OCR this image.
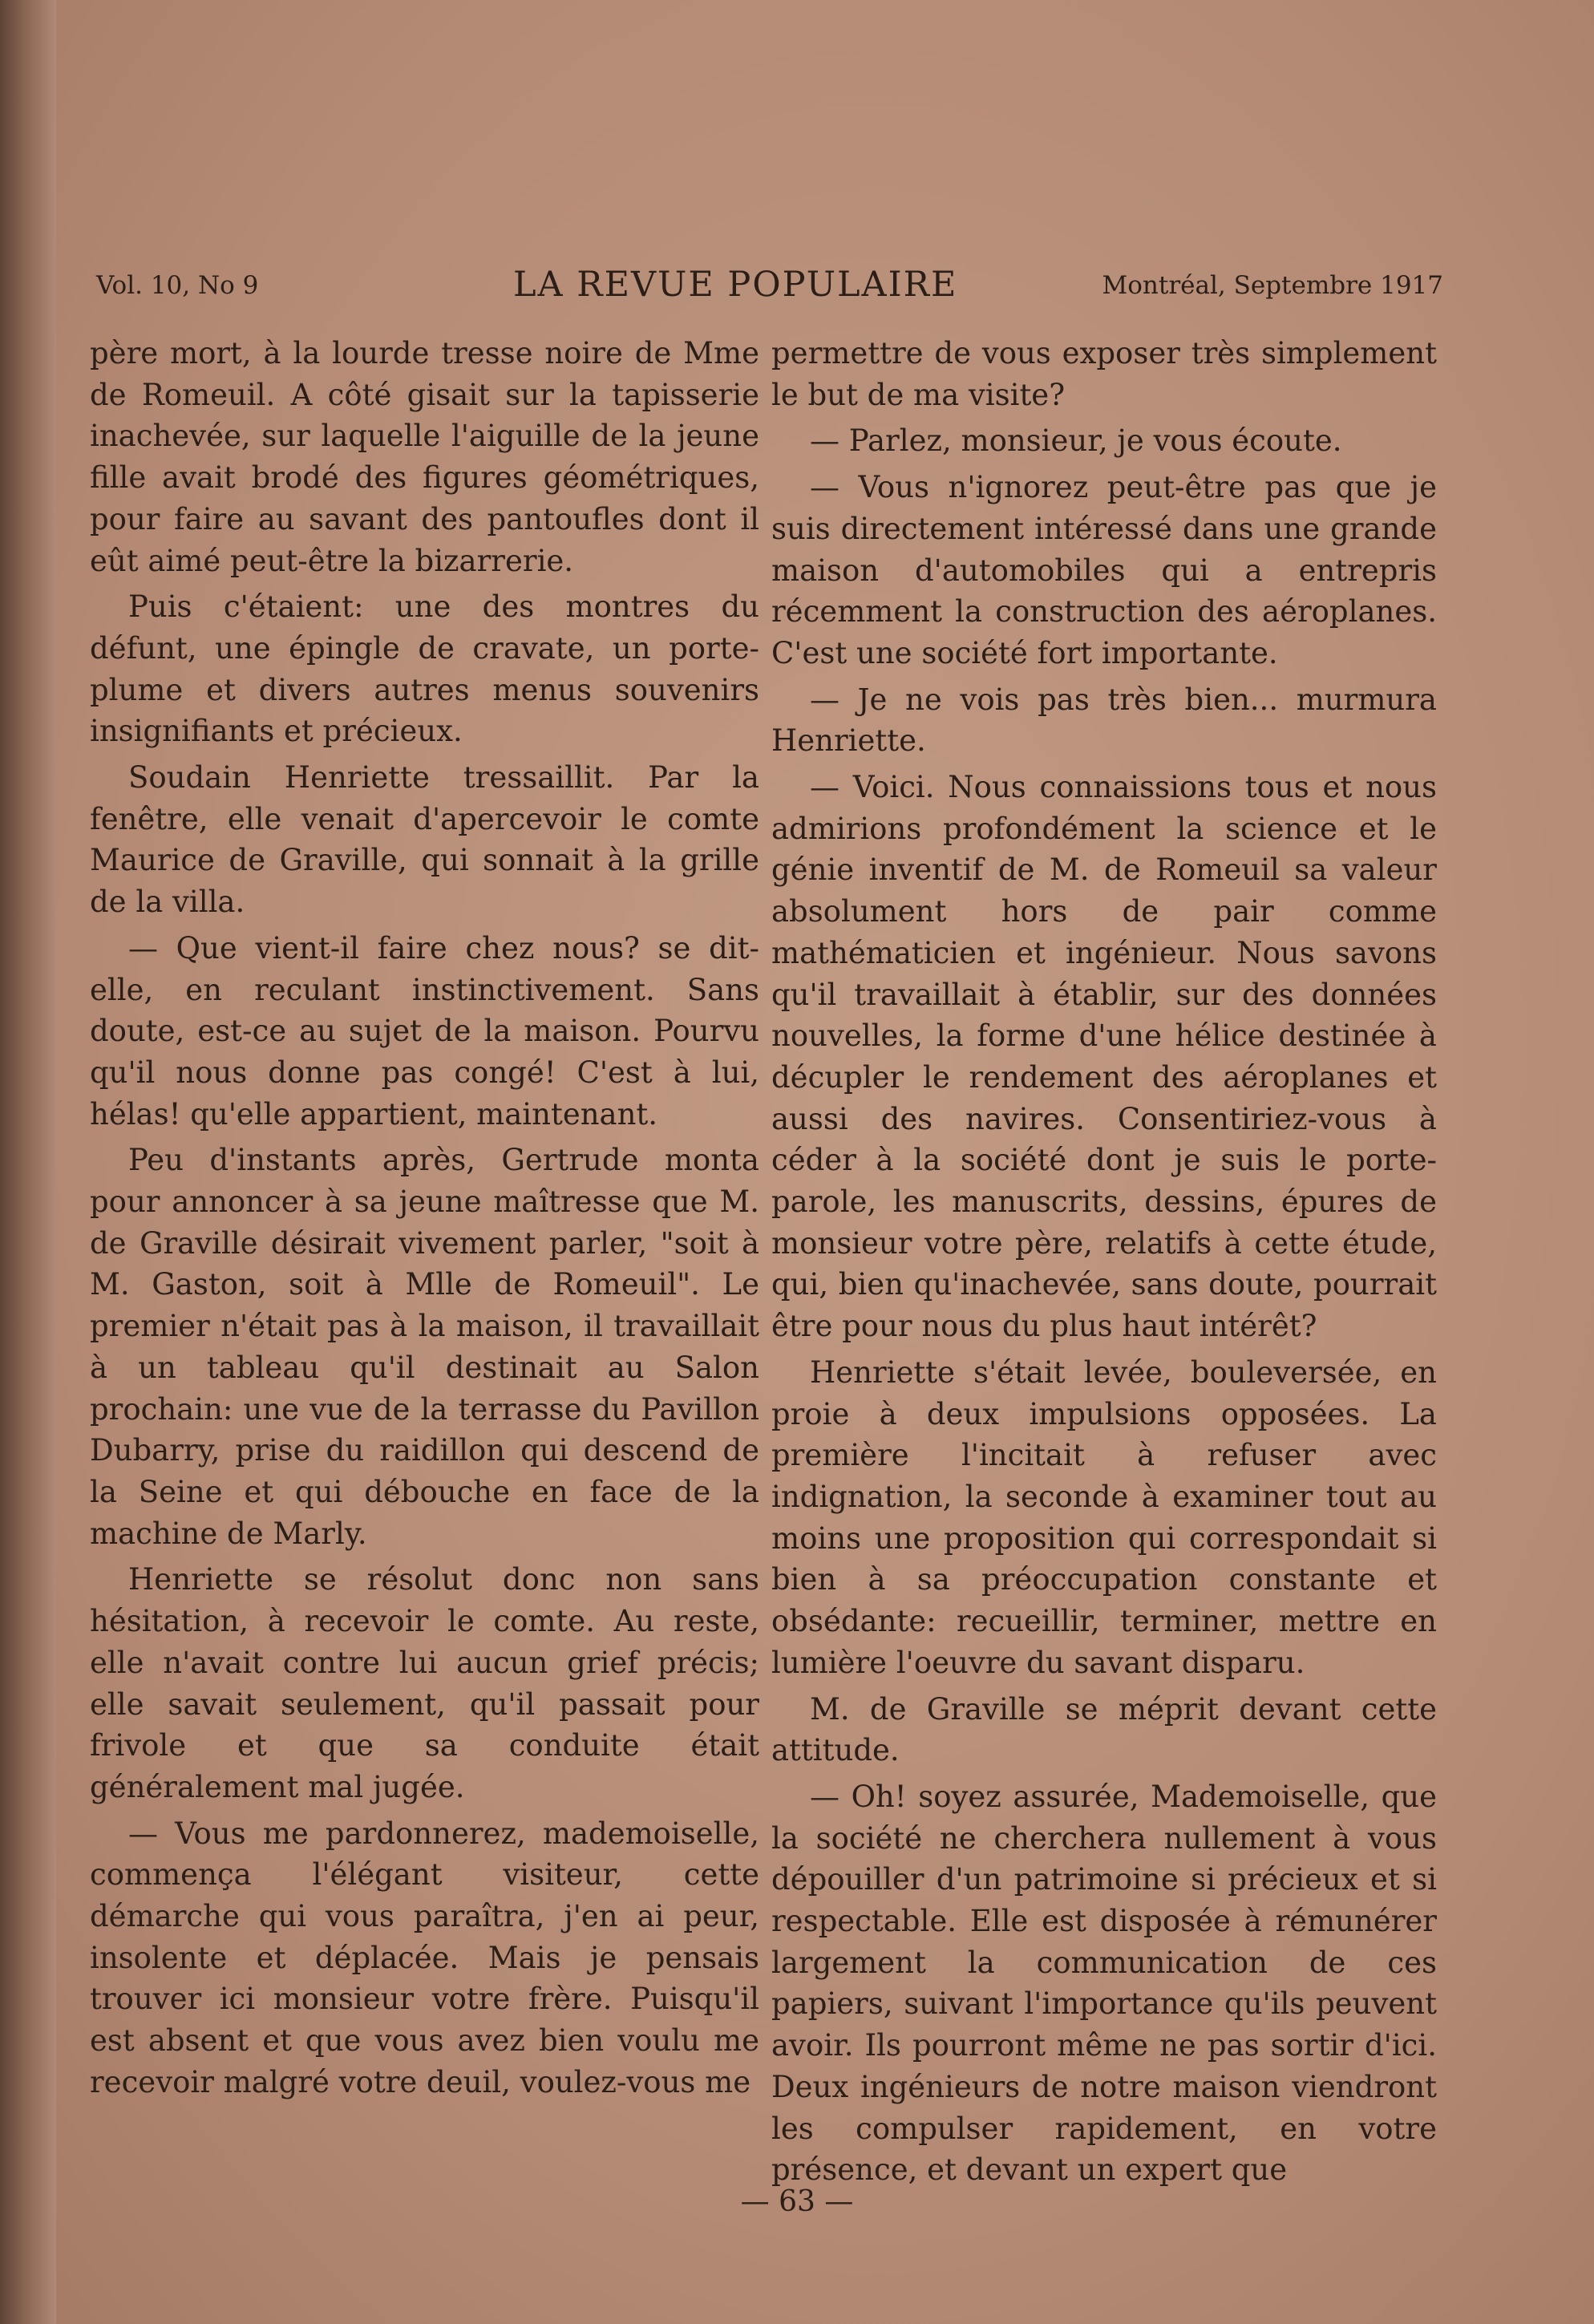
Vol. 10, No 9	LA REVUE POPULAIRE	Montréal, Septembre 1917

père mort, à la lourde tresse noire de Mme de Romeuil. A côté gisait sur la tapisserie inachevée, sur laquelle l'aiguille de la jeune fille avait brodé des figures géométriques, pour faire au savant des pantoufles dont il eût aimé peut-être la bizarrerie.

Puis c'étaient: une des montres du défunt, une épingle de cravate, un porte-plume et divers autres menus souvenirs insignifiants et précieux.

Soudain Henriette tressaillit. Par la fenêtre, elle venait d'apercevoir le comte Maurice de Graville, qui sonnait à la grille de la villa.

— Que vient-il faire chez nous? se dit-elle, en reculant instinctivement. Sans doute, est-ce au sujet de la maison. Pourvu qu'il nous donne pas congé! C'est à lui, hélas! qu'elle appartient, maintenant.

Peu d'instants après, Gertrude monta pour annoncer à sa jeune maîtresse que M. de Graville désirait vivement parler, "soit à M. Gaston, soit à Mlle de Romeuil". Le premier n'était pas à la maison, il travaillait à un tableau qu'il destinait au Salon prochain: une vue de la terrasse du Pavillon Dubarry, prise du raidillon qui descend de la Seine et qui débouche en face de la machine de Marly.

Henriette se résolut donc non sans hésitation, à recevoir le comte. Au reste, elle n'avait contre lui aucun grief précis; elle savait seulement, qu'il passait pour frivole et que sa conduite était généralement mal jugée.

— Vous me pardonnerez, mademoiselle, commença l'élégant visiteur, cette démarche qui vous paraîtra, j'en ai peur, insolente et déplacée. Mais je pensais trouver ici monsieur votre frère. Puisqu'il est absent et que vous avez bien voulu me recevoir malgré votre deuil, voulez-vous me

permettre de vous exposer très simplement le but de ma visite?

— Parlez, monsieur, je vous écoute.

— Vous n'ignorez peut-être pas que je suis directement intéressé dans une grande maison d'automobiles qui a entrepris récemment la construction des aéroplanes. C'est une société fort importante.

— Je ne vois pas très bien... murmura Henriette.

— Voici. Nous connaissions tous et nous admirions profondément la science et le génie inventif de M. de Romeuil sa valeur absolument hors de pair comme mathématicien et ingénieur. Nous savons qu'il travaillait à établir, sur des données nouvelles, la forme d'une hélice destinée à décupler le rendement des aéroplanes et aussi des navires. Consentiriez-vous à céder à la société dont je suis le porte-parole, les manuscrits, dessins, épures de monsieur votre père, relatifs à cette étude, qui, bien qu'inachevée, sans doute, pourrait être pour nous du plus haut intérêt?

Henriette s'était levée, bouleversée, en proie à deux impulsions opposées. La première l'incitait à refuser avec indignation, la seconde à examiner tout au moins une proposition qui correspondait si bien à sa préoccupation constante et obsédante: recueillir, terminer, mettre en lumière l'oeuvre du savant disparu.

M. de Graville se méprit devant cette attitude.

— Oh! soyez assurée, Mademoiselle, que la société ne cherchera nullement à vous dépouiller d'un patrimoine si précieux et si respectable. Elle est disposée à rémunérer largement la communication de ces papiers, suivant l'importance qu'ils peuvent avoir. Ils pourront même ne pas sortir d'ici. Deux ingénieurs de notre maison viendront les compulser rapidement, en votre présence, et devant un expert que

— 63 —
